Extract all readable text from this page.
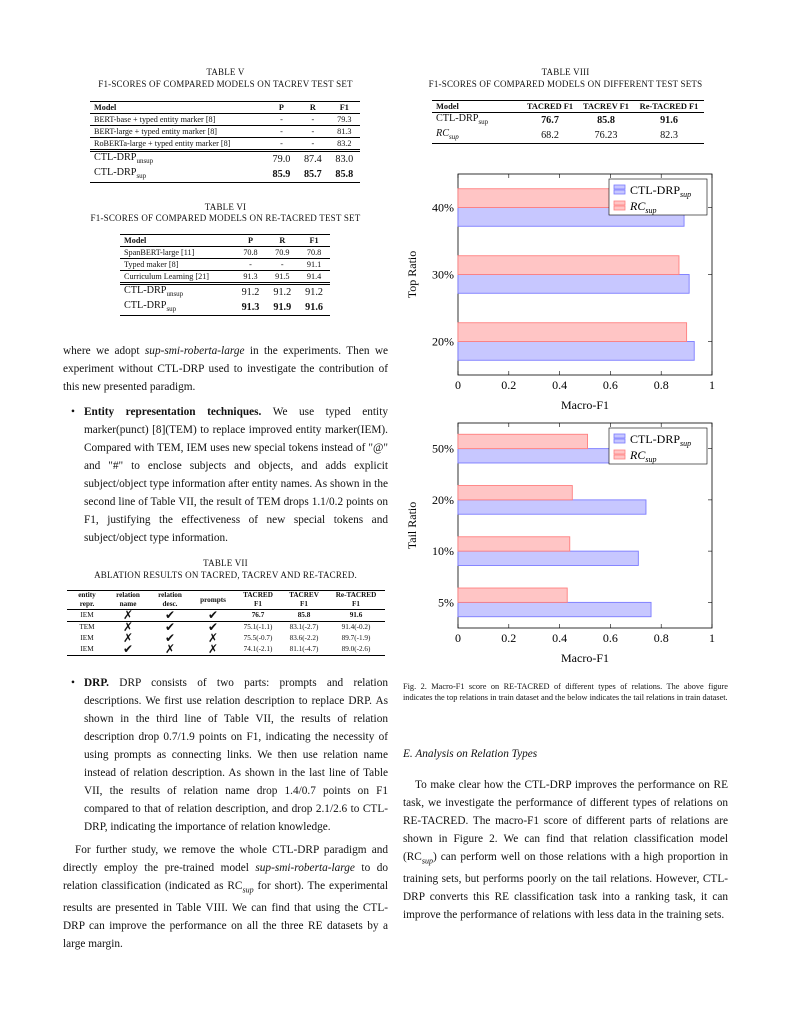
TABLE V
F1-SCORES OF COMPARED MODELS ON TACREV TEST SET
Model	P	R	F1
BERT-base + typed entity marker [8]	-	-	79.3
BERT-large + typed entity marker [8]	-	-	81.3
RoBERTa-large + typed entity marker [8]	-	-	83.2
CTL-$DRP_{unsup}$	79.0	87.4	83.0
CTL-$DRP_{sup}$	85.9	85.7	85.8
TABLE VI
F1-SCORES OF COMPARED MODELS ON RE-TACRED TEST SET
Model	P	R	F1
SpanBERT-large [11]	70.8	70.9	70.8
Typed maker [8]	-	-	91.1
Curriculum Learning [21]	91.3	91.5	91.4
CTL-$DRP_{unsup}$	91.2	91.2	91.2
CTL-$DRP_{sup}$	91.3	91.9	91.6

where we adopt sup-smi-roberta-large in the experiments. Then we experiment without CTL-DRP used to investigate the contribution of this new presented paradigm.

• Entity representation techniques. We use typed entity marker(punct) [8](TEM) to replace improved entity marker(IEM). Compared with TEM, IEM uses new special tokens instead of "@" and "#" to enclose subjects and objects, and adds explicit subject/object type information after entity names. As shown in the second line of Table VII, the result of TEM drops 1.1/0.2 points on F1, justifying the effectiveness of new special tokens and subject/object type information.
TABLE VII
ABLATION RESULTS ON TACRED, TACREV AND RE-TACRED.
entity repr.	relation name	relation desc.	prompts	TACRED F1	TACREV F1	Re-TACRED F1
IEM	✗	✔	✔	76.7	85.8	91.6
TEM	✗	✔	✔	75.1(-1.1)	83.1(-2.7)	91.4(-0.2)
IEM	✗	✔	✗	75.5(-0.7)	83.6(-2.2)	89.7(-1.9)
IEM	✔	✗	✗	74.1(-2.1)	81.1(-4.7)	89.0(-2.6)
• DRP. DRP consists of two parts: prompts and relation descriptions. We first use relation description to replace DRP. As shown in the third line of Table VII, the results of relation description drop 0.7/1.9 points on F1, indicating the necessity of using prompts as connecting links. We then use relation name instead of relation description. As shown in the last line of Table VII, the results of relation name drop 1.4/0.7 points on F1 compared to that of relation description, and drop 2.1/2.6 to CTL-DRP, indicating the importance of relation knowledge.

For further study, we remove the whole CTL-DRP paradigm and directly employ the pre-trained model sup-smi-roberta-large to do relation classification (indicated as $RC_{sup}$ for short). The experimental results are presented in Table VIII. We can find that using the CTL-DRP can improve the performance on all the three RE datasets by a large margin.

TABLE VIII
F1-SCORES OF COMPARED MODELS ON DIFFERENT TEST SETS
Model	TACRED F1	TACREV F1	Re-TACRED F1
CTL-$DRP_{sup}$	76.7	85.8	91.6
$RC_{sup}$	68.2	76.23	82.3
0	0.2	0.4	0.6	0.8	1
20%
30%
40%
Macro-F1
Top Ratio
CTL-$DRP_{sup}$
$RC_{sup}$
0	0.2	0.4	0.6	0.8	1
5%
10%
20%
50%
Macro-F1
Tail Ratio
CTL-$DRP_{sup}$
$RC_{sup}$
Fig. 2. Macro-F1 score on RE-TACRED of different types of relations. The above figure indicates the top relations in train dataset and the below indicates the tail relations in train dataset.
E. Analysis on Relation Types

To make clear how the CTL-DRP improves the performance on RE task, we investigate the performance of different types of relations on RE-TACRED. The macro-F1 score of different parts of relations are shown in Figure 2. We can find that relation classification model $(RC_{sup})$ can perform well on those relations with a high proportion in training sets, but performs poorly on the tail relations. However, CTL-DRP converts this RE classification task into a ranking task, it can improve the performance of relations with less data in the training sets.
